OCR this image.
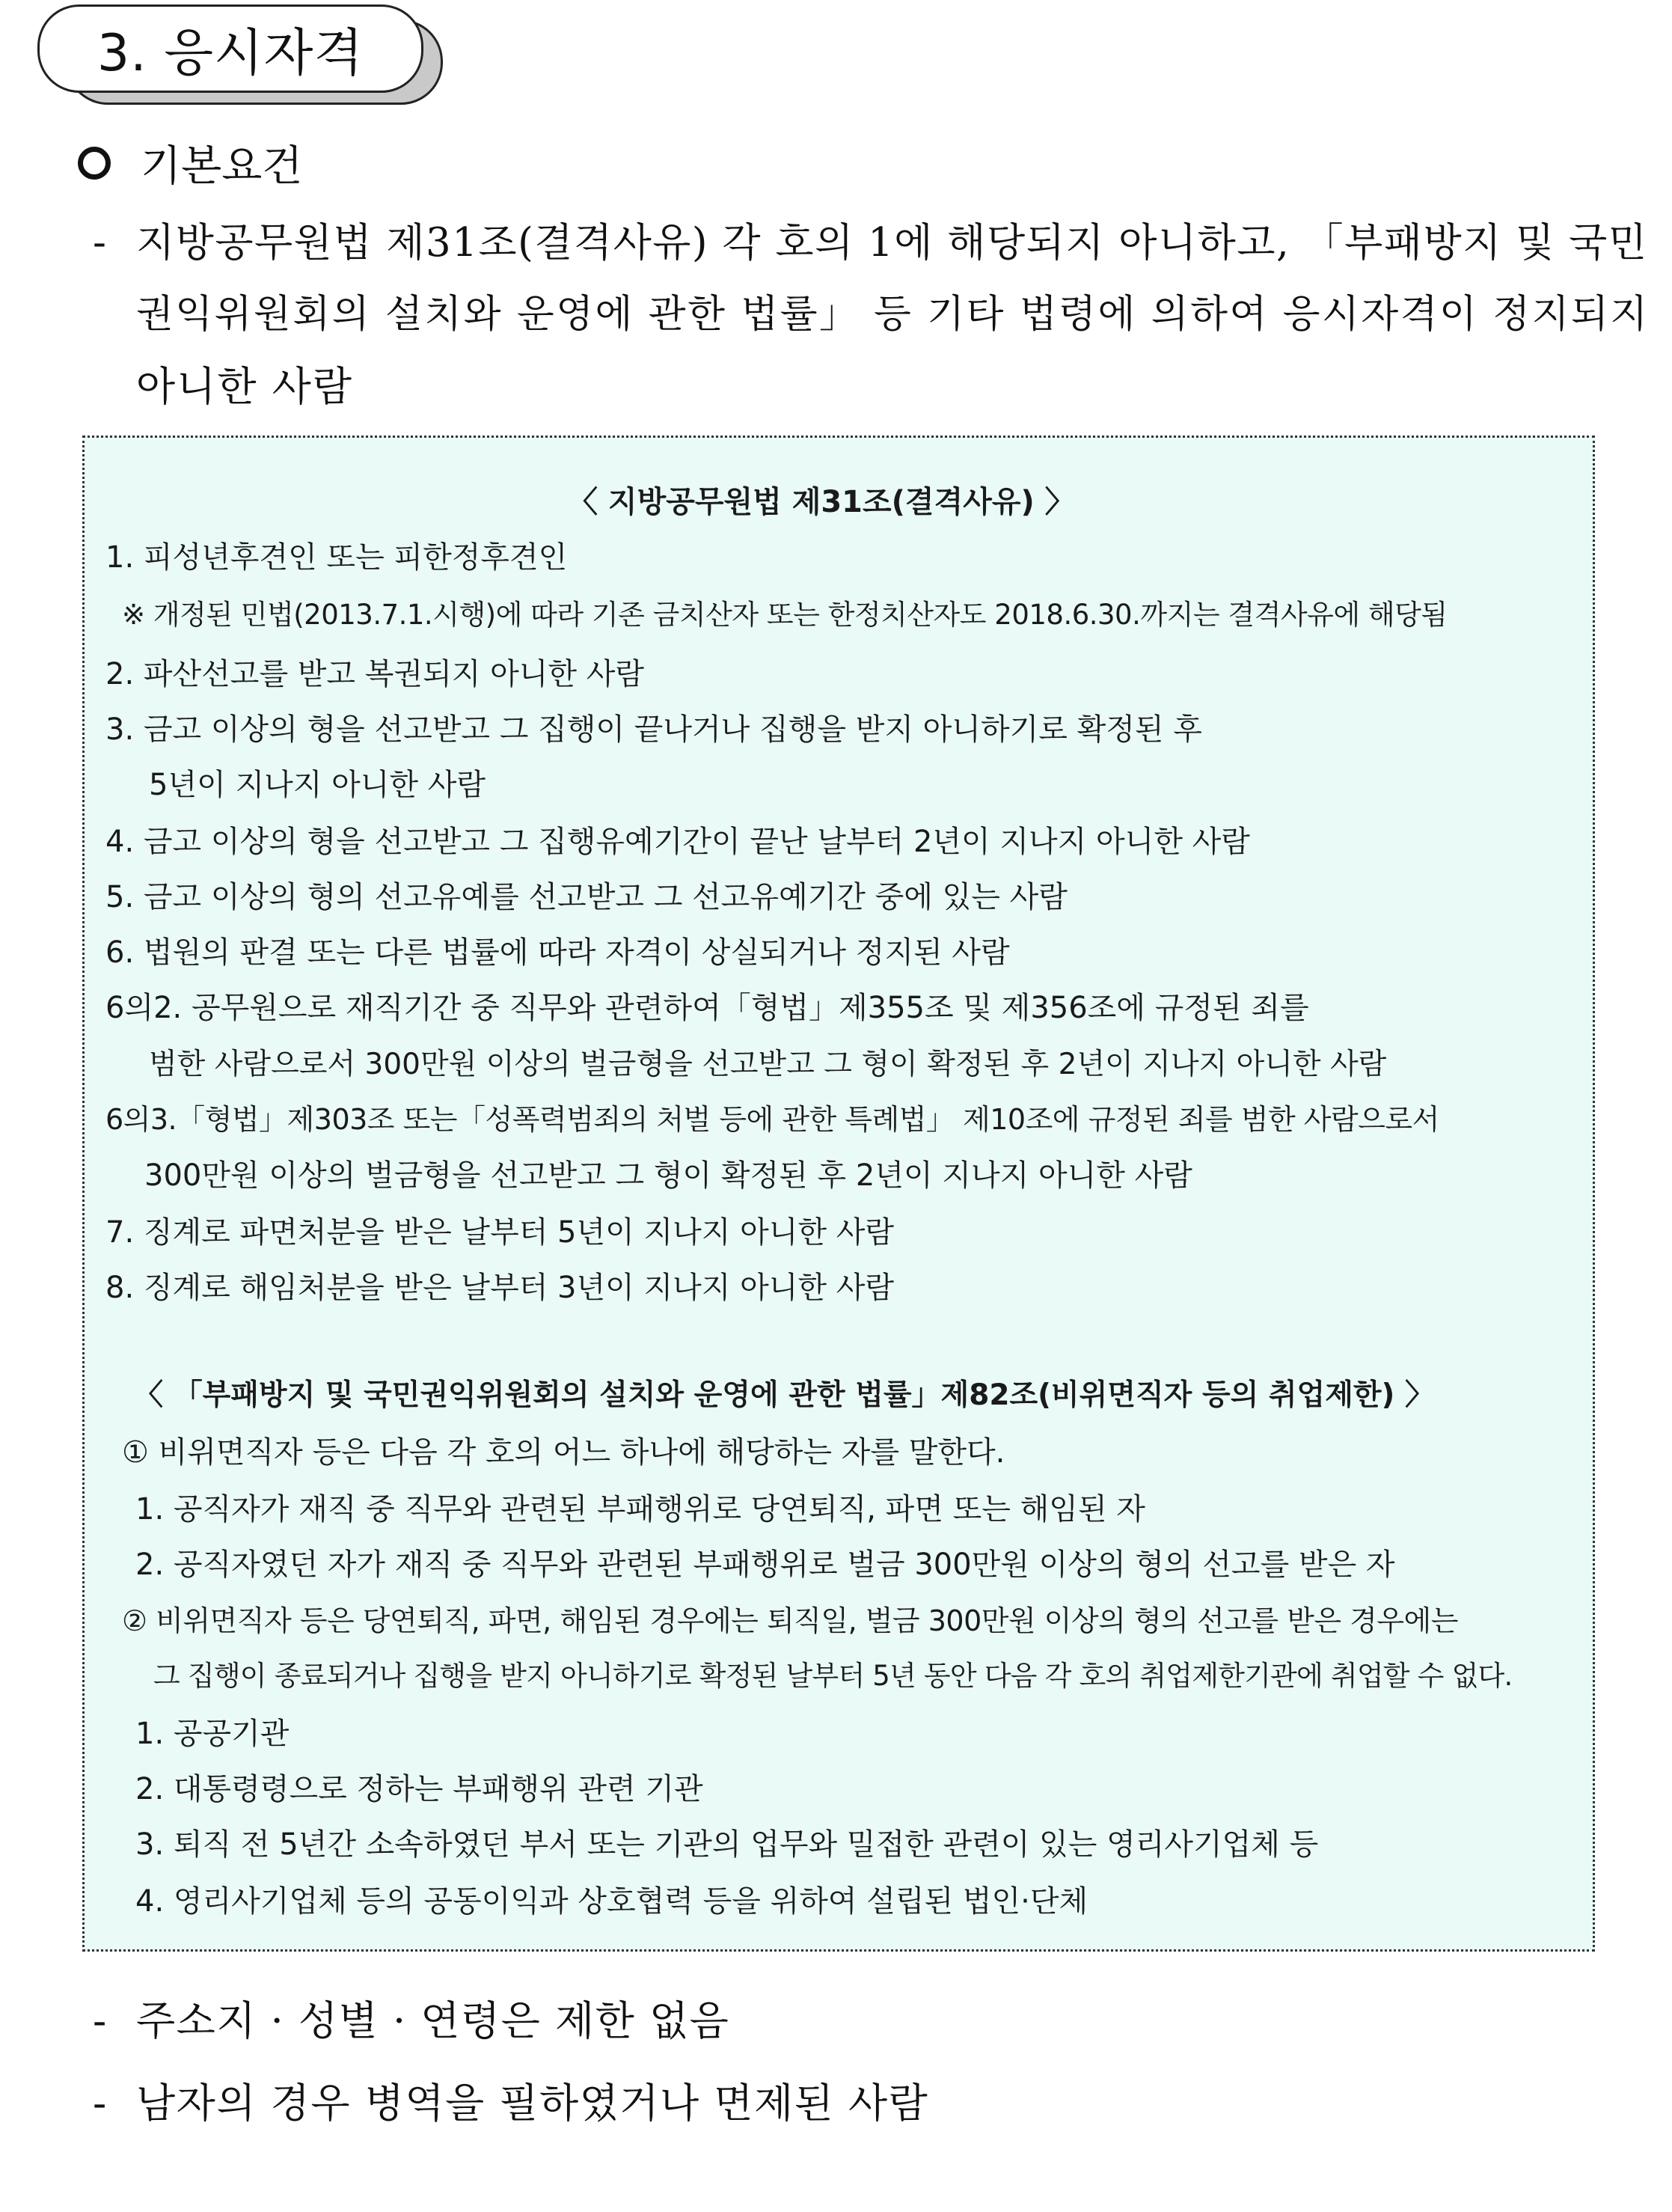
3. 응시자격
기본요건
- 지방공무원법 제31조(결격사유) 각 호의 1에 해당되지 아니하고, 「부패방지 및 국민
권익위원회의 설치와 운영에 관한 법률」 등 기타 법령에 의하여 응시자격이 정지되지
아니한 사람
〈 지방공무원법 제31조(결격사유) 〉
1. 피성년후견인 또는 피한정후견인
※ 개정된 민법(2013.7.1.시행)에 따라 기존 금치산자 또는 한정치산자도 2018.6.30.까지는 결격사유에 해당됨
2. 파산선고를 받고 복권되지 아니한 사람
3. 금고 이상의 형을 선고받고 그 집행이 끝나거나 집행을 받지 아니하기로 확정된 후
5년이 지나지 아니한 사람
4. 금고 이상의 형을 선고받고 그 집행유예기간이 끝난 날부터 2년이 지나지 아니한 사람
5. 금고 이상의 형의 선고유예를 선고받고 그 선고유예기간 중에 있는 사람
6. 법원의 판결 또는 다른 법률에 따라 자격이 상실되거나 정지된 사람
6의2. 공무원으로 재직기간 중 직무와 관련하여「형법」제355조 및 제356조에 규정된 죄를
범한 사람으로서 300만원 이상의 벌금형을 선고받고 그 형이 확정된 후 2년이 지나지 아니한 사람
6의3.「형법」제303조 또는「성폭력범죄의 처벌 등에 관한 특례법」 제10조에 규정된 죄를 범한 사람으로서
300만원 이상의 벌금형을 선고받고 그 형이 확정된 후 2년이 지나지 아니한 사람
7. 징계로 파면처분을 받은 날부터 5년이 지나지 아니한 사람
8. 징계로 해임처분을 받은 날부터 3년이 지나지 아니한 사람
〈 「부패방지 및 국민권익위원회의 설치와 운영에 관한 법률」제82조(비위면직자 등의 취업제한) 〉
① 비위면직자 등은 다음 각 호의 어느 하나에 해당하는 자를 말한다.
1. 공직자가 재직 중 직무와 관련된 부패행위로 당연퇴직, 파면 또는 해임된 자
2. 공직자였던 자가 재직 중 직무와 관련된 부패행위로 벌금 300만원 이상의 형의 선고를 받은 자
② 비위면직자 등은 당연퇴직, 파면, 해임된 경우에는 퇴직일, 벌금 300만원 이상의 형의 선고를 받은 경우에는
그 집행이 종료되거나 집행을 받지 아니하기로 확정된 날부터 5년 동안 다음 각 호의 취업제한기관에 취업할 수 없다.
1. 공공기관
2. 대통령령으로 정하는 부패행위 관련 기관
3. 퇴직 전 5년간 소속하였던 부서 또는 기관의 업무와 밀접한 관련이 있는 영리사기업체 등
4. 영리사기업체 등의 공동이익과 상호협력 등을 위하여 설립된 법인·단체
- 주소지 · 성별 · 연령은 제한 없음
- 남자의 경우 병역을 필하였거나 면제된 사람
